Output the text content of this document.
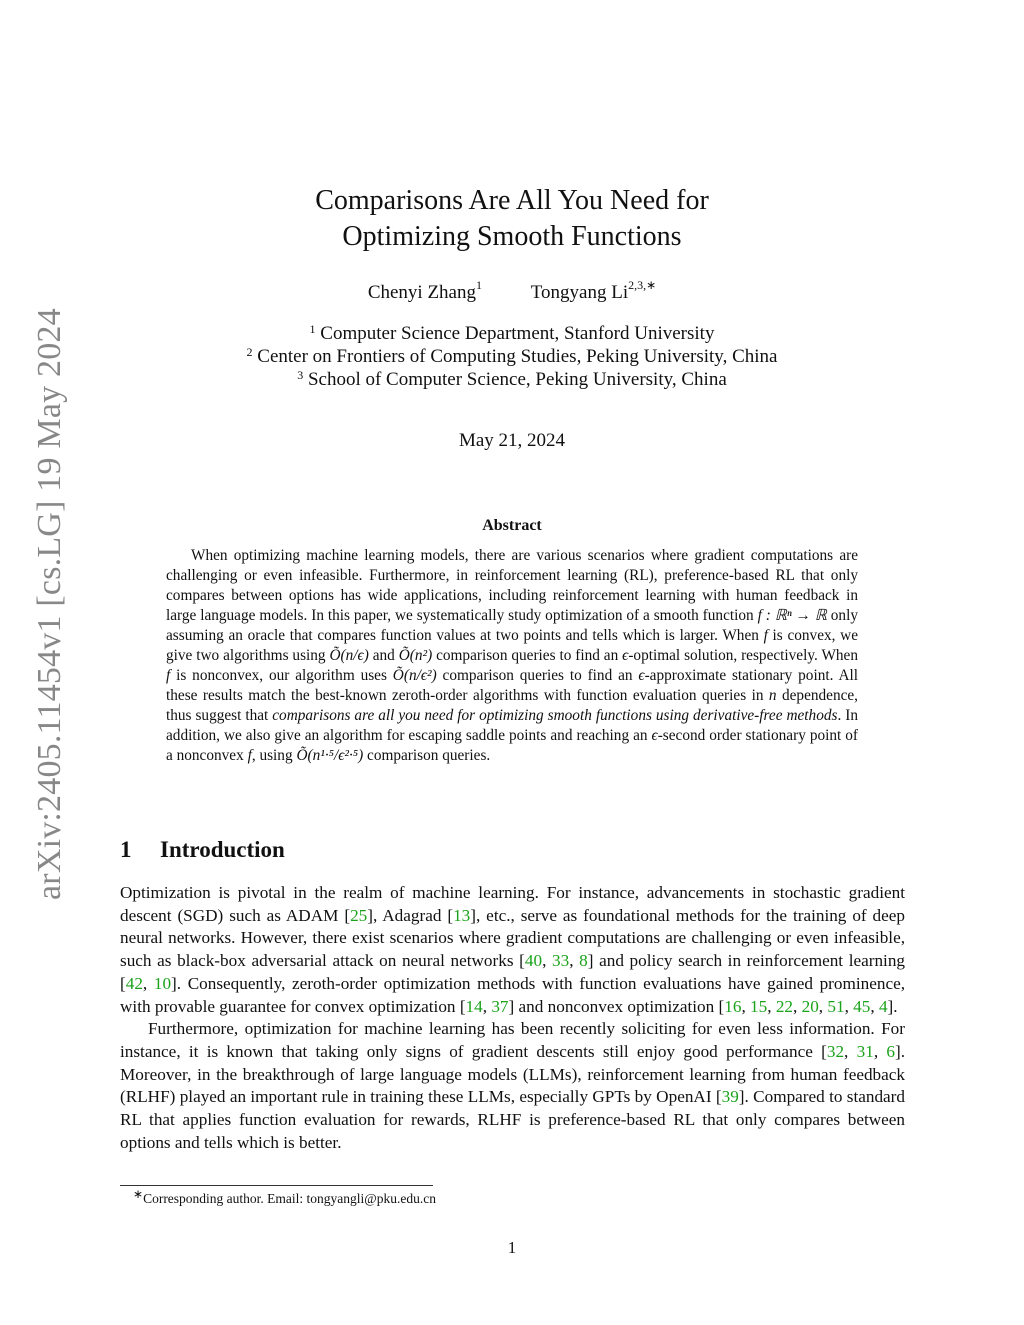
arXiv:2405.11454v1 [cs.LG] 19 May 2024
Comparisons Are All You Need for
Optimizing Smooth Functions
Chenyi Zhang$^1$	Tongyang $Li^{2,3,∗}$
$^1$ Computer Science Department, Stanford University
$^2$ Center on Frontiers of Computing Studies, Peking University, China
$^3$ School of Computer Science, Peking University, China
May 21, 2024
Abstract
When optimizing machine learning models, there are various scenarios where gradient computations are challenging or even infeasible. Furthermore, in reinforcement learning (RL), preference-based RL that only compares between options has wide applications, including reinforcement learning with human feedback in large language models. In this paper, we systematically study optimization of a smooth function f : ℝⁿ → ℝ only assuming an oracle that compares function values at two points and tells which is larger. When f is convex, we give two algorithms using Õ(n/ϵ) and Õ(n²) comparison queries to find an ϵ-optimal solution, respectively. When f is nonconvex, our algorithm uses Õ(n/ϵ²) comparison queries to find an ϵ-approximate stationary point. All these results match the best-known zeroth-order algorithms with function evaluation queries in n dependence, thus suggest that comparisons are all you need for optimizing smooth functions using derivative-free methods. In addition, we also give an algorithm for escaping saddle points and reaching an ϵ-second order stationary point of a nonconvex f, using Õ(n¹·⁵/ϵ²·⁵) comparison queries.
1 Introduction

Optimization is pivotal in the realm of machine learning. For instance, advancements in stochastic gradient descent (SGD) such as ADAM [25], Adagrad [13], etc., serve as foundational methods for the training of deep neural networks. However, there exist scenarios where gradient computations are challenging or even infeasible, such as black-box adversarial attack on neural networks [40, 33, 8] and policy search in reinforcement learning [42, 10]. Consequently, zeroth-order optimization methods with function evaluations have gained prominence, with provable guarantee for convex optimization [14, 37] and nonconvex optimization [16, 15, 22, 20, 51, 45, 4].

Furthermore, optimization for machine learning has been recently soliciting for even less information. For instance, it is known that taking only signs of gradient descents still enjoy good performance [32, 31, 6]. Moreover, in the breakthrough of large language models (LLMs), reinforcement learning from human feedback (RLHF) played an important rule in training these LLMs, especially GPTs by OpenAI [39]. Compared to standard RL that applies function evaluation for rewards, RLHF is preference-based RL that only compares between options and tells which is better.

∗Corresponding author. Email: tongyangli@pku.edu.cn
1
